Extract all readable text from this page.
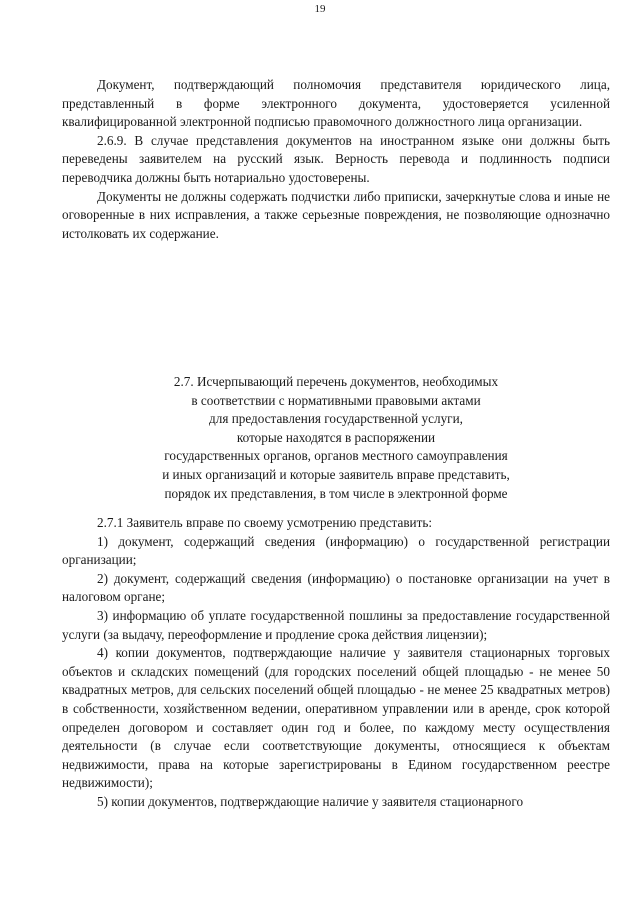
19
Документ, подтверждающий полномочия представителя юридического лица, представленный в форме электронного документа, удостоверяется усиленной квалифицированной электронной подписью правомочного должностного лица организации.
2.6.9. В случае представления документов на иностранном языке они должны быть переведены заявителем на русский язык. Верность перевода и подлинность подписи переводчика должны быть нотариально удостоверены.
Документы не должны содержать подчистки либо приписки, зачеркнутые слова и иные не оговоренные в них исправления, а также серьезные повреждения, не позволяющие однозначно истолковать их содержание.
2.7. Исчерпывающий перечень документов, необходимых
в соответствии с нормативными правовыми актами
для предоставления государственной услуги,
которые находятся в распоряжении
государственных органов, органов местного самоуправления
и иных организаций и которые заявитель вправе представить,
порядок их представления, в том числе в электронной форме
2.7.1 Заявитель вправе по своему усмотрению представить:
1) документ, содержащий сведения (информацию) о государственной регистрации организации;
2) документ, содержащий сведения (информацию) о постановке организации на учет в налоговом органе;
3) информацию об уплате государственной пошлины за предоставление государственной услуги (за выдачу, переоформление и продление срока действия лицензии);
4) копии документов, подтверждающие наличие у заявителя стационарных торговых объектов и складских помещений (для городских поселений общей площадью - не менее 50 квадратных метров, для сельских поселений общей площадью - не менее 25 квадратных метров) в собственности, хозяйственном ведении, оперативном управлении или в аренде, срок которой определен договором и составляет один год и более, по каждому месту осуществления деятельности (в случае если соответствующие документы, относящиеся к объектам недвижимости, права на которые зарегистрированы в Едином государственном реестре недвижимости);
5) копии документов, подтверждающие наличие у заявителя стационарного
